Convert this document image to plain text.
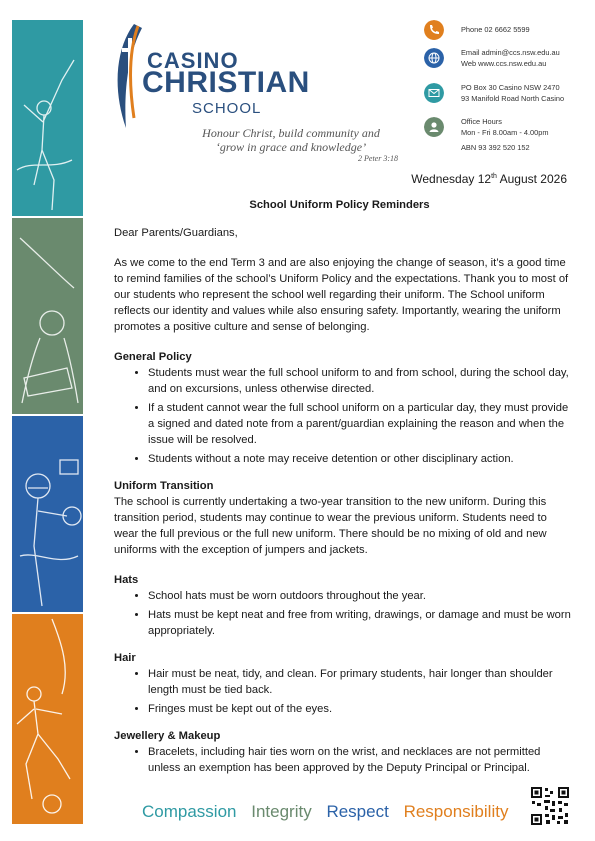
CASINO
CHRISTIAN
SCHOOL
Honour Christ, build community and
‘grow in grace and knowledge’
2 Peter 3:18
Phone 02 6662 5599
Email admin@ccs.nsw.edu.au
Web www.ccs.nsw.edu.au
PO Box 30 Casino NSW 2470
93 Manifold Road North Casino
Office Hours
Mon - Fri 8.00am - 4.00pm
ABN 93 392 520 152
Wednesday 12th August 2026
School Uniform Policy Reminders

Dear Parents/Guardians,

As we come to the end Term 3 and are also enjoying the change of season, it’s a good time to remind families of the school’s Uniform Policy and the expectations. Thank you to most of our students who represent the school well regarding their uniform. The School uniform reflects our identity and values while also ensuring safety. Importantly, wearing the uniform promotes a positive culture and sense of belonging.

General Policy
• Students must wear the full school uniform to and from school, during the school day, and on excursions, unless otherwise directed.
• If a student cannot wear the full school uniform on a particular day, they must provide a signed and dated note from a parent/guardian explaining the reason and when the issue will be resolved.
• Students without a note may receive detention or other disciplinary action.
Uniform Transition

The school is currently undertaking a two-year transition to the new uniform. During this transition period, students may continue to wear the previous uniform. Students need to wear the full previous or the full new uniform. There should be no mixing of old and new uniforms with the exception of jumpers and jackets.

Hats
• School hats must be worn outdoors throughout the year.
• Hats must be kept neat and free from writing, drawings, or damage and must be worn appropriately.
Hair
• Hair must be neat, tidy, and clean. For primary students, hair longer than shoulder length must be tied back.
• Fringes must be kept out of the eyes.
Jewellery & Makeup
• Bracelets, including hair ties worn on the wrist, and necklaces are not permitted unless an exemption has been approved by the Deputy Principal or Principal.
Compassion Integrity Respect Responsibility
